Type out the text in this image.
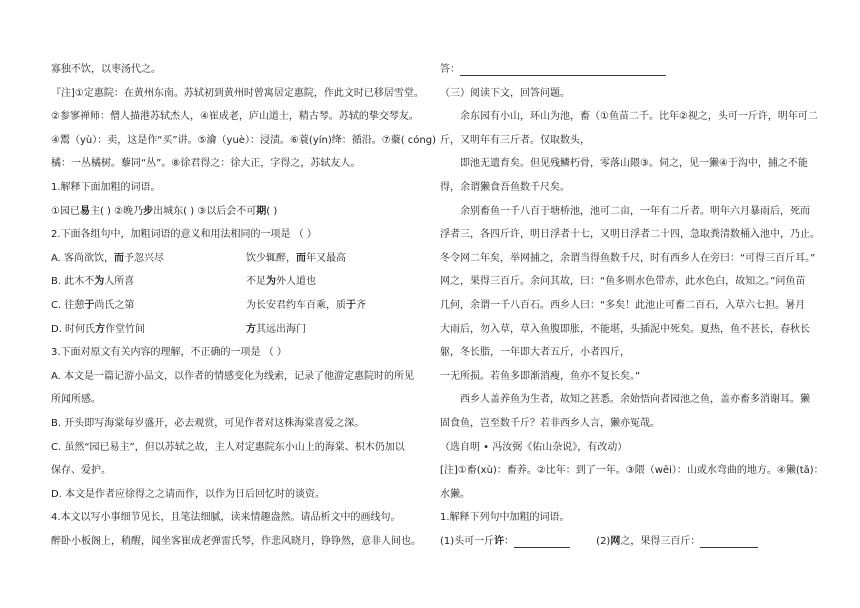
寡独不饮，以枣汤代之。
『注]①定惠院：在黄州东南。苏轼初到黄州时曾寓居定惠院，作此文时已移居雪堂。
②参寥禅师：僧人描港苏轼杰人，④崔成老，庐山道士，精古琴。苏轼的挚交琴友。
④鬻（yù）：卖，这是作“买”讲。⑤瀹（yuè）：浸渍。⑥蓑(yín)绛：循沿。⑦藂( cóng)
橘：一丛橘树。藜同“丛”。⑧徐君得之：徐大正，字得之，苏轼友人。
1.解释下面加粗的词语。
①园已易主( ) ②晚乃步出城东( ) ③以后会不可期( )
2.下面各组句中，加粗词语的意义和用法相同的一项是 （ ）
A. 客尚欲饮，而予忽兴尽	饮少辄醉，而年又最高
B. 此木不为人所喜	不足为外人道也
C. 往憩于尚氏之第	为长安君约车百乘，质于齐
D. 时何氏方作堂竹间	方其远出海门
3.下面对原文有关内容的理解，不正确的一项是 （ ）
A. 本文是一篇记游小品文，以作者的情感变化为线索，记录了他游定惠院时的所见
所闻所感。
B. 开头即写海棠每岁盛开，必去观赏，可见作者对这株海棠喜爱之深。
C. 虽然“园已易主”，但以苏轼之故，主人对定惠院东小山上的海棠、枳木仍加以
保存、爱护。
D. 本文是作者应徐得之之请而作，以作为日后回忆时的谈资。
4.本文以写小事细节见长，且笔法细腻，读来情趣盎然。请品析文中的画线句。
醉卧小板阁上，稍醒，闻坐客崔成老弹雷氏琴，作悲风晓月，铮铮然，意非人间也。
答：
（三）阅读下文，回答问题。
余东园有小山，环山为池，畜（①鱼苗二千。比年②视之，头可一斤许，明年可二
斤，又明年有三斤者。仅取数头，
即池无遗育矣。但见残鳞朽骨，零落山隈③。伺之，见一獭④于沟中，捕之不能
得，余谓獭食吾鱼数千尺矣。
余别畜鱼一千八百于塘桥池，池可二亩，一年有二斤者。明年六月暴雨后，死而
浮者三，各四斤许，明日浮者十七，又明日浮者二十四，急取粪清数桶入池中，乃止。
冬令网二年矣，举网捕之，余谓当得鱼数千尺，时有西乡人在旁曰：“可得三百斤耳。”
网之，果得三百斤。余问其故，曰：“鱼多则水色带赤，此水色白，故知之。”问鱼苗
几何，余谓一千八百石。西乡人曰：“多矣！此池止可畜二百石，入草六七担。暑月
大雨后，勿入草，草入鱼腹即胀，不能堪，头插泥中死矣。夏热，鱼不甚长，春秋长
躯，冬长脂，一年即大者五斤，小者四斤，
一无所损。若鱼多即渐消瘦，鱼亦不复长矣。”
西乡人盖养鱼为生者，故知之甚悉。余始悟向者园池之鱼，盖亦畜多消谢耳。獭
固食鱼，岂至数千斤？若非西乡人言，獭亦冤哉。
（选自明 • 冯汝弼《佑山杂说》，有改动）
[注]①畜(xù)：畜养。②比年：到了一年。③隈（wēi）：山或水弯曲的地方。④獭(tǎ)：
水獭。
1.解释下列句中加粗的词语。
(1)头可一斤许：	(2)网之，果得三百斤：
